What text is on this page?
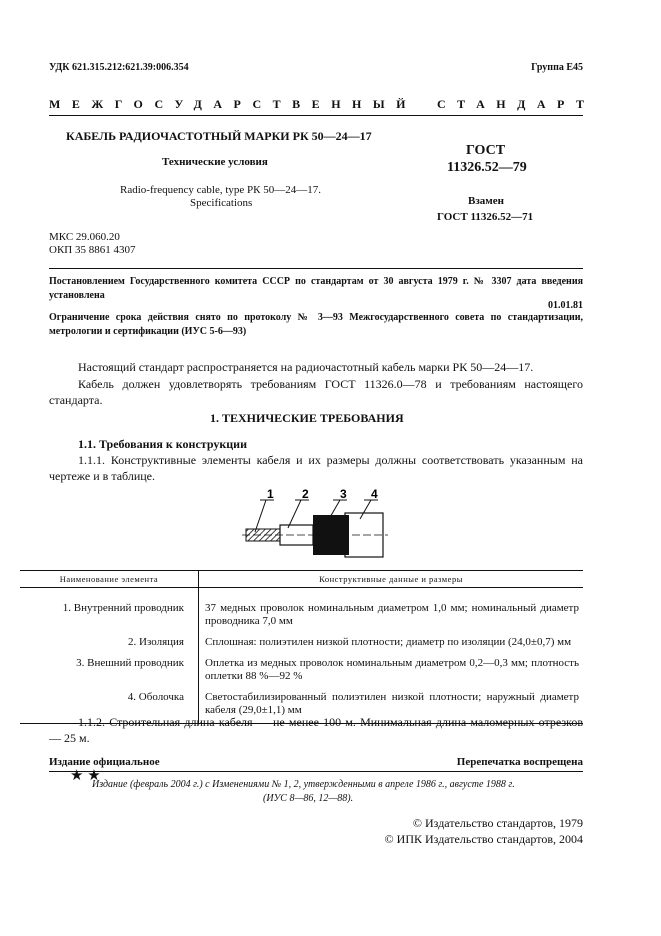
УДК 621.315.212:621.39:006.354	Группа Е45
МЕЖГОСУДАРСТВЕННЫЙ СТАНДАРТ
КАБЕЛЬ РАДИОЧАСТОТНЫЙ МАРКИ РК 50—24—17
Технические условия
Radio-frequency cable, type РК 50—24—17.
Specifications
ГОСТ
11326.52—79
Взамен
ГОСТ 11326.52—71
МКС 29.060.20
ОКП 35 8861 4307
Постановлением Государственного комитета СССР по стандартам от 30 августа 1979 г. № 3307 дата введения установлена
01.01.81
Ограничение срока действия снято по протоколу № 3—93 Межгосударственного совета по стандартизации, метрологии и сертификации (ИУС 5-6—93)
Настоящий стандарт распространяется на радиочастотный кабель марки РК 50—24—17.
Кабель должен удовлетворять требованиям ГОСТ 11326.0—78 и требованиям настоящего стандарта.
1. ТЕХНИЧЕСКИЕ ТРЕБОВАНИЯ
1.1. Требования к конструкции
1.1.1. Конструктивные элементы кабеля и их размеры должны соответствовать указанным на чертеже и в таблице.
1 2	3 4
Наименование элемента	Конструктивные данные и размеры
1. Внутренний проводник	37 медных проволок номинальным диаметром 1,0 мм; номинальный диаметр проводника 7,0 мм
2. Изоляция	Сплошная: полиэтилен низкой плотности; диаметр по изоляции (24,0±0,7) мм
3. Внешний проводник	Оплетка из медных проволок номинальным диаметром 0,2—0,3 мм; плотность оплетки 88 %—92 %
4. Оболочка	Светостабилизированный полиэтилен низкой плотности; наружный диаметр кабеля (29,0±1,1) мм
1.1.2. Строительная длина кабеля — не менее 100 м. Минимальная длина маломерных отрезков — 25 м.
Издание официальное	Перепечатка воспрещена
★ ★
Издание (февраль 2004 г.) с Изменениями № 1, 2, утвержденными в апреле 1986 г., августе 1988 г.
(ИУС 8—86, 12—88).
© Издательство стандартов, 1979
© ИПК Издательство стандартов, 2004
